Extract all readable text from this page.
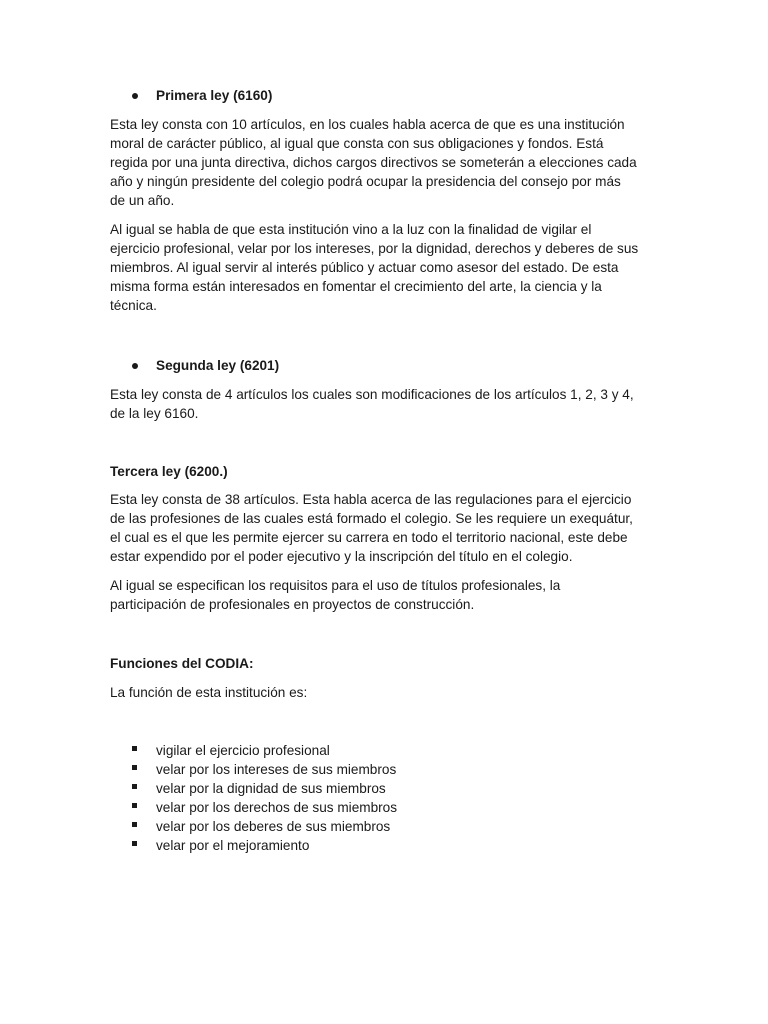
Primera ley (6160)
Esta ley consta con 10 artículos, en los cuales habla acerca de que es una institución
moral de carácter público, al igual que consta con sus obligaciones y fondos. Está
regida por una junta directiva, dichos cargos directivos se someterán a elecciones cada
año y ningún presidente del colegio podrá ocupar la presidencia del consejo por más
de un año.
Al igual se habla de que esta institución vino a la luz con la finalidad de vigilar el
ejercicio profesional, velar por los intereses, por la dignidad, derechos y deberes de sus
miembros. Al igual servir al interés público y actuar como asesor del estado. De esta
misma forma están interesados en fomentar el crecimiento del arte, la ciencia y la
técnica.
Segunda ley (6201)
Esta ley consta de 4 artículos los cuales son modificaciones de los artículos 1, 2, 3 y 4,
de la ley 6160.
Tercera ley (6200.)
Esta ley consta de 38 artículos. Esta habla acerca de las regulaciones para el ejercicio
de las profesiones de las cuales está formado el colegio. Se les requiere un exequátur,
el cual es el que les permite ejercer su carrera en todo el territorio nacional, este debe
estar expendido por el poder ejecutivo y la inscripción del título en el colegio.
Al igual se especifican los requisitos para el uso de títulos profesionales, la
participación de profesionales en proyectos de construcción.
Funciones del CODIA:
La función de esta institución es:
vigilar el ejercicio profesional
velar por los intereses de sus miembros
velar por la dignidad de sus miembros
velar por los derechos de sus miembros
velar por los deberes de sus miembros
velar por el mejoramiento
